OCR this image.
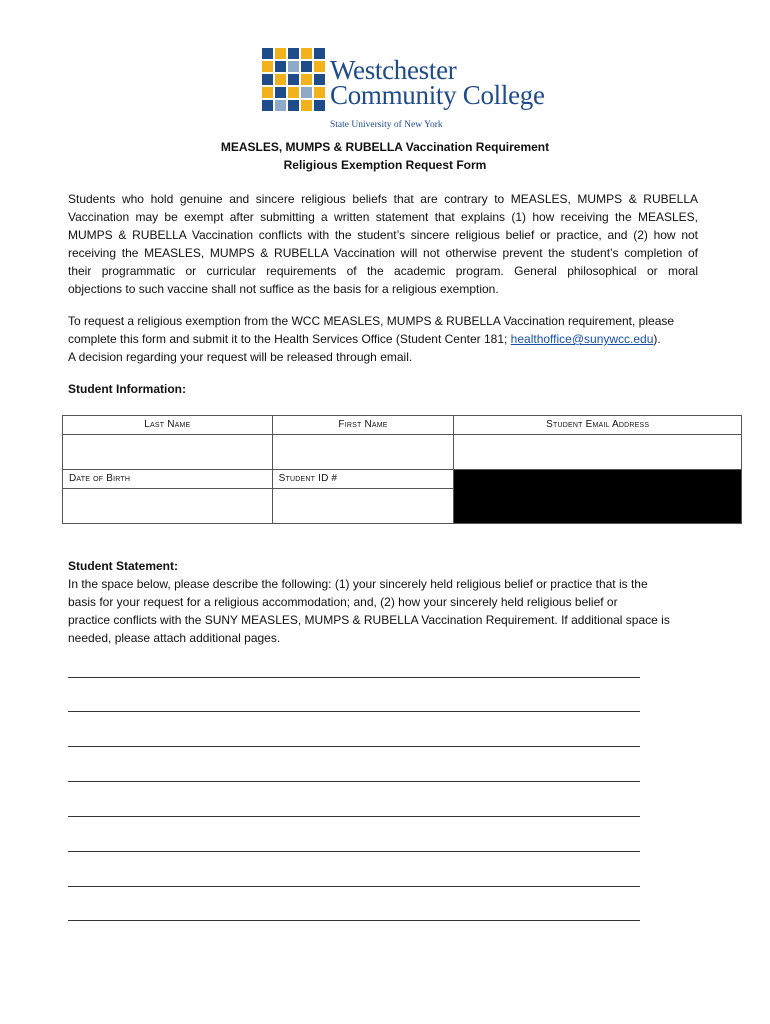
Westchester
Community College
State University of New York
MEASLES, MUMPS & RUBELLA Vaccination Requirement
Religious Exemption Request Form
Students who hold genuine and sincere religious beliefs that are contrary to MEASLES, MUMPS & RUBELLA
Vaccination may be exempt after submitting a written statement that explains (1) how receiving the MEASLES,
MUMPS & RUBELLA Vaccination conflicts with the student’s sincere religious belief or practice, and (2) how not
receiving the MEASLES, MUMPS & RUBELLA Vaccination will not otherwise prevent the student’s completion of
their programmatic or curricular requirements of the academic program. General philosophical or moral
objections to such vaccine shall not suffice as the basis for a religious exemption.
To request a religious exemption from the WCC MEASLES, MUMPS & RUBELLA Vaccination requirement, please
complete this form and submit it to the Health Services Office (Student Center 181; healthoffice@sunywcc.edu).
A decision regarding your request will be released through email.
Student Information:
Last Name	First Name	Student Email Address

Date of Birth	Student ID #	

Student Statement:
In the space below, please describe the following: (1) your sincerely held religious belief or practice that is the
basis for your request for a religious accommodation; and, (2) how your sincerely held religious belief or
practice conflicts with the SUNY MEASLES, MUMPS & RUBELLA Vaccination Requirement. If additional space is
needed, please attach additional pages.
